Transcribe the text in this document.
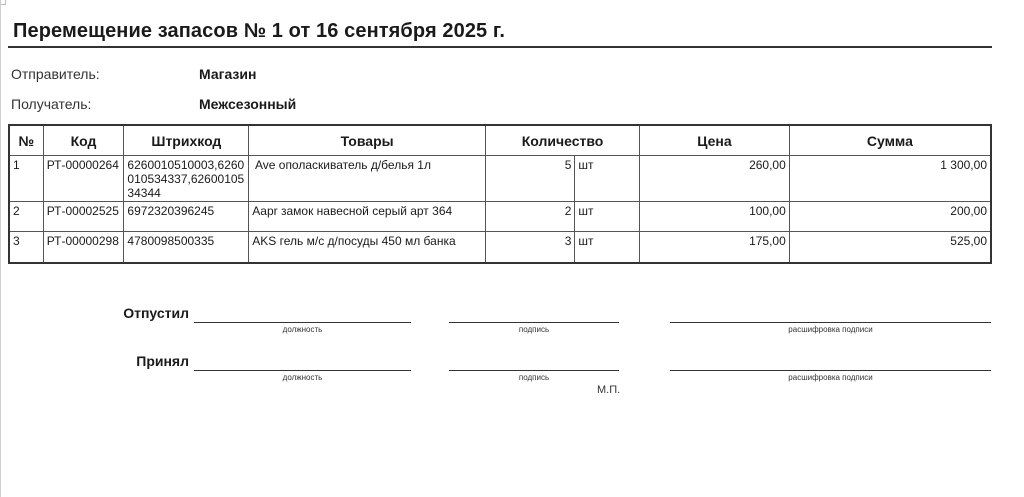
Перемещение запасов № 1 от 16 сентября 2025 г.
Отправитель:	Магазин
Получатель:	Межсезонный
№	Код	Штрихкод	Товары	Количество		Цена	Сумма
1	РТ-00000264	6260010510003,6260010534337,6260010534344	Ave ополаскиватель д/белья 1л	5	шт	260,00	1 300,00
2	РТ-00002525	6972320396245	Aapr замок навесной серый арт 364	2	шт	100,00	200,00
3	РТ-00000298	4780098500335	AKS гель м/с д/посуды 450 мл банка	3	шт	175,00	525,00
Отпустил
должность	подпись	расшифровка подписи
Принял
должность	подпись	расшифровка подписи
М.П.
